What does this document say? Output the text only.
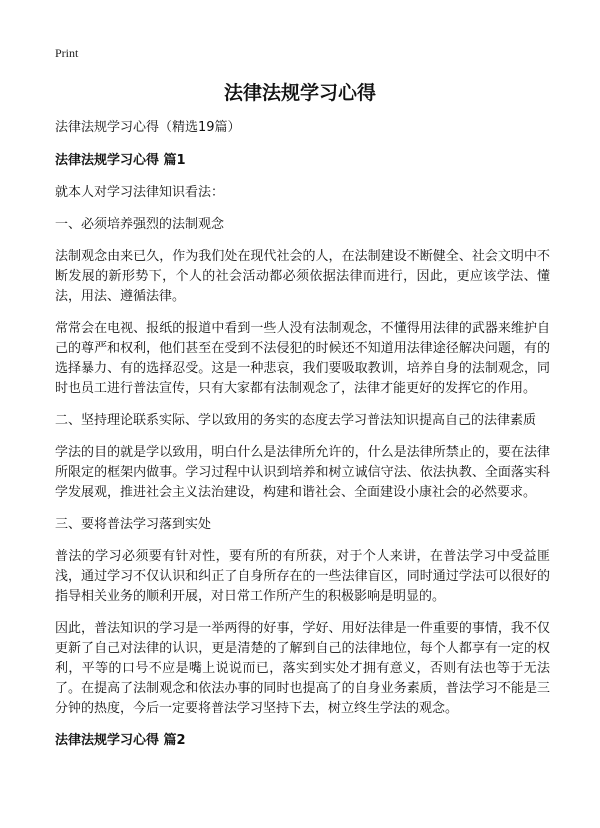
Print
法律法规学习心得

法律法规学习心得（精选19篇）

法律法规学习心得 篇1

就本人对学习法律知识看法：

一、必须培养强烈的法制观念

法制观念由来已久，作为我们处在现代社会的人，在法制建设不断健全、社会文明中不断发展的新形势下，个人的社会活动都必须依据法律而进行，因此，更应该学法、懂法，用法、遵循法律。

常常会在电视、报纸的报道中看到一些人没有法制观念，不懂得用法律的武器来维护自己的尊严和权利，他们甚至在受到不法侵犯的时候还不知道用法律途径解决问题，有的选择暴力、有的选择忍受。这是一种悲哀，我们要吸取教训，培养自身的法制观念，同时也员工进行普法宣传，只有大家都有法制观念了，法律才能更好的发挥它的作用。

二、坚持理论联系实际、学以致用的务实的态度去学习普法知识提高自己的法律素质

学法的目的就是学以致用，明白什么是法律所允许的，什么是法律所禁止的，要在法律所限定的框架内做事。学习过程中认识到培养和树立诚信守法、依法执教、全面落实科学发展观，推进社会主义法治建设，构建和谐社会、全面建设小康社会的必然要求。

三、要将普法学习落到实处

普法的学习必须要有针对性，要有所的有所获，对于个人来讲，在普法学习中受益匪浅，通过学习不仅认识和纠正了自身所存在的一些法律盲区，同时通过学法可以很好的指导相关业务的顺利开展，对日常工作所产生的积极影响是明显的。

因此，普法知识的学习是一举两得的好事，学好、用好法律是一件重要的事情，我不仅更新了自己对法律的认识，更是清楚的了解到自己的法律地位，每个人都享有一定的权利，平等的口号不应是嘴上说说而已，落实到实处才拥有意义，否则有法也等于无法了。在提高了法制观念和依法办事的同时也提高了的自身业务素质，普法学习不能是三分钟的热度，今后一定要将普法学习坚持下去，树立终生学法的观念。

法律法规学习心得 篇2
